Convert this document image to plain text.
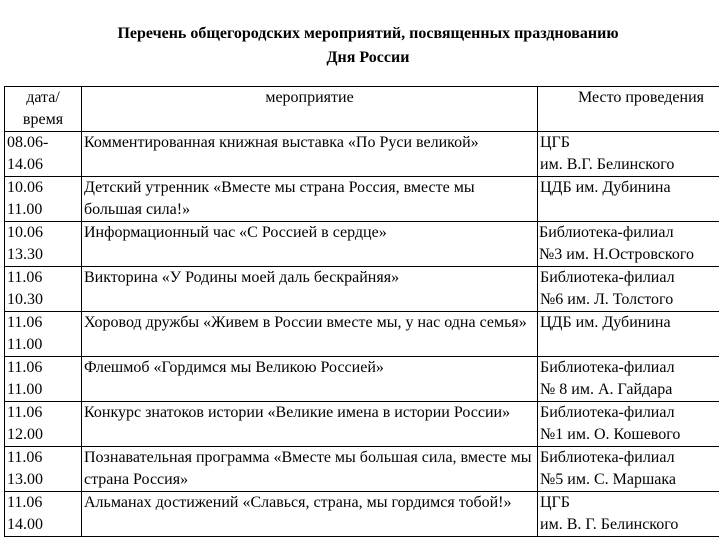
Перечень общегородских мероприятий, посвященных празднованию
Дня России
дата/
время	мероприятие	Место проведения

08.06-
14.06	Комментированная книжная выставка «По Руси великой»	ЦГБ
им. В.Г. Белинского

10.06
11.00	Детский утренник «Вместе мы страна Россия, вместе мы большая сила!»	ЦДБ им. Дубинина

10.06
13.30	Информационный час «С Россией в сердце»	Библиотека-филиал
№3 им. Н.Островского

11.06
10.30	Викторина «У Родины моей даль бескрайняя»	Библиотека-филиал
№6 им. Л. Толстого

11.06
11.00	Хоровод дружбы «Живем в России вместе мы, у нас одна семья»	ЦДБ им. Дубинина

11.06
11.00	Флешмоб «Гордимся мы Великою Россией»	Библиотека-филиал
№ 8 им. А. Гайдара

11.06
12.00	Конкурс знатоков истории «Великие имена в истории России»	Библиотека-филиал
№1 им. О. Кошевого

11.06
13.00	Познавательная программа «Вместе мы большая сила, вместе мы страна Россия»	Библиотека-филиал
№5 им. С. Маршака

11.06
14.00	Альманах достижений «Славься, страна, мы гордимся тобой!»	ЦГБ
им. В. Г. Белинского
